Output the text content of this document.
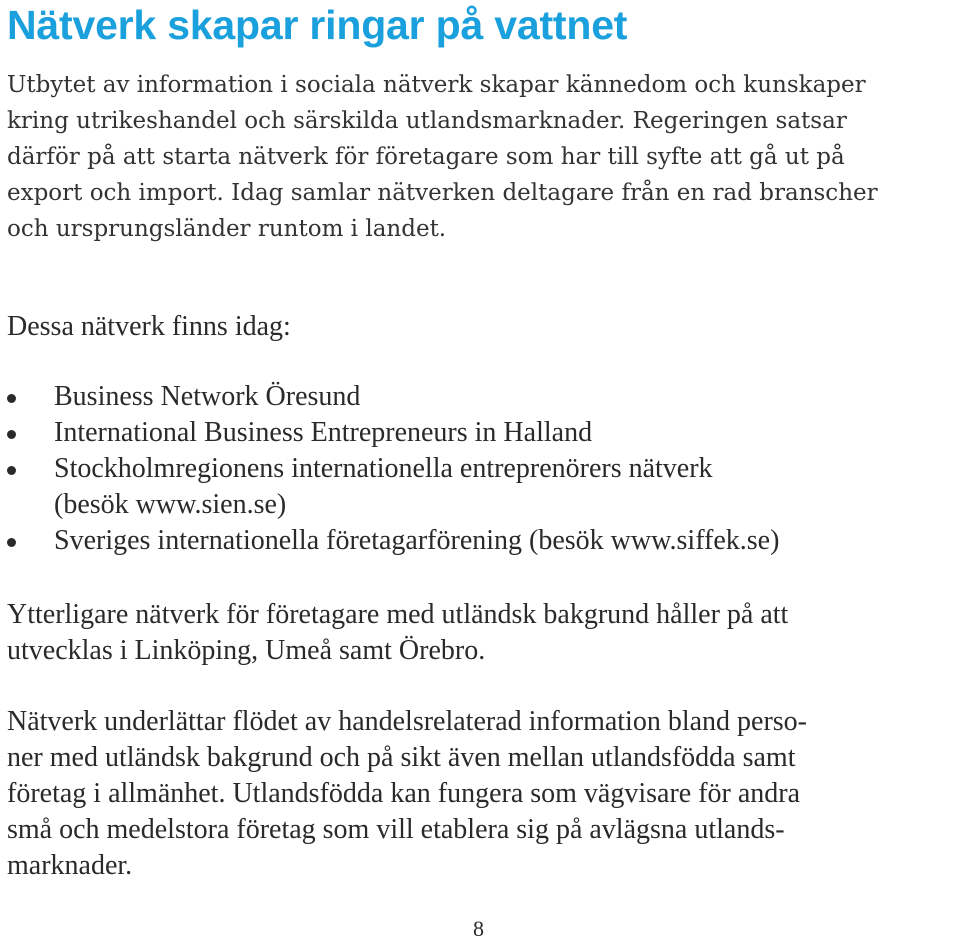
Nätverk skapar ringar på vattnet

Utbytet av information i sociala nätverk skapar kännedom och kunskaper
kring utrikeshandel och särskilda utlandsmarknader. Regeringen satsar
därför på att starta nätverk för företagare som har till syfte att gå ut på
export och import. Idag samlar nätverken deltagare från en rad branscher
och ursprungsländer runtom i landet.

Dessa nätverk finns idag:

Business Network Öresund
International Business Entrepreneurs in Halland
Stockholmregionens internationella entreprenörers nätverk
(besök www.sien.se)
Sveriges internationella företagarförening (besök www.siffek.se)

Ytterligare nätverk för företagare med utländsk bakgrund håller på att
utvecklas i Linköping, Umeå samt Örebro.

Nätverk underlättar flödet av handelsrelaterad information bland perso-
ner med utländsk bakgrund och på sikt även mellan utlandsfödda samt
företag i allmänhet. Utlandsfödda kan fungera som vägvisare för andra
små och medelstora företag som vill etablera sig på avlägsna utlands-
marknader.

8
